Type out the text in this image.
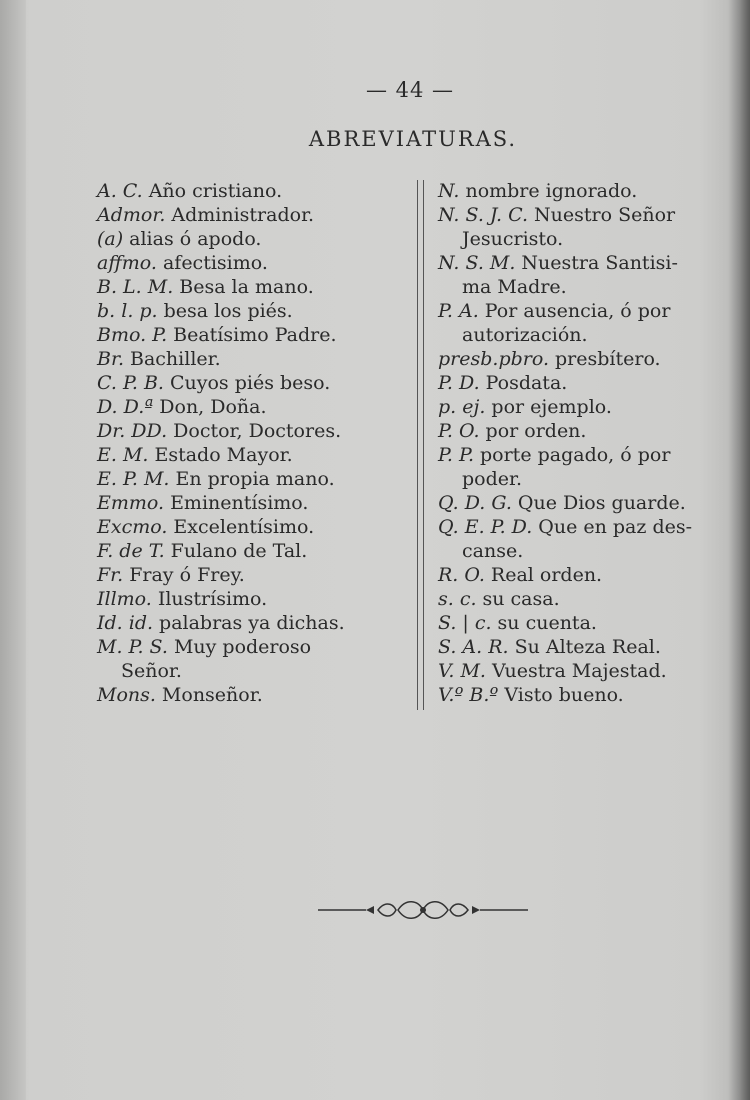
— 44 —
ABREVIATURAS.
A. C. Año cristiano.
Admor. Administrador.
(a) alias ó apodo.
affmo. afectisimo.
B. L. M. Besa la mano.
b. l. p. besa los piés.
Bmo. P. Beatísimo Padre.
Br. Bachiller.
C. P. B. Cuyos piés beso.
D. D.ª Don, Doña.
Dr. DD. Doctor, Doctores.
E. M. Estado Mayor.
E. P. M. En propia mano.
Emmo. Eminentísimo.
Excmo. Excelentísimo.
F. de T. Fulano de Tal.
Fr. Fray ó Frey.
Illmo. Ilustrísimo.
Id. id. palabras ya dichas.
M. P. S. Muy poderoso
Señor.
Mons. Monseñor.
N. nombre ignorado.
N. S. J. C. Nuestro Señor
Jesucristo.
N. S. M. Nuestra Santisi-
ma Madre.
P. A. Por ausencia, ó por
autorización.
presb.pbro. presbítero.
P. D. Posdata.
p. ej. por ejemplo.
P. O. por orden.
P. P. porte pagado, ó por
poder.
Q. D. G. Que Dios guarde.
Q. E. P. D. Que en paz des-
canse.
R. O. Real orden.
s. c. su casa.
S. | c. su cuenta.
S. A. R. Su Alteza Real.
V. M. Vuestra Majestad.
V.º B.º Visto bueno.
